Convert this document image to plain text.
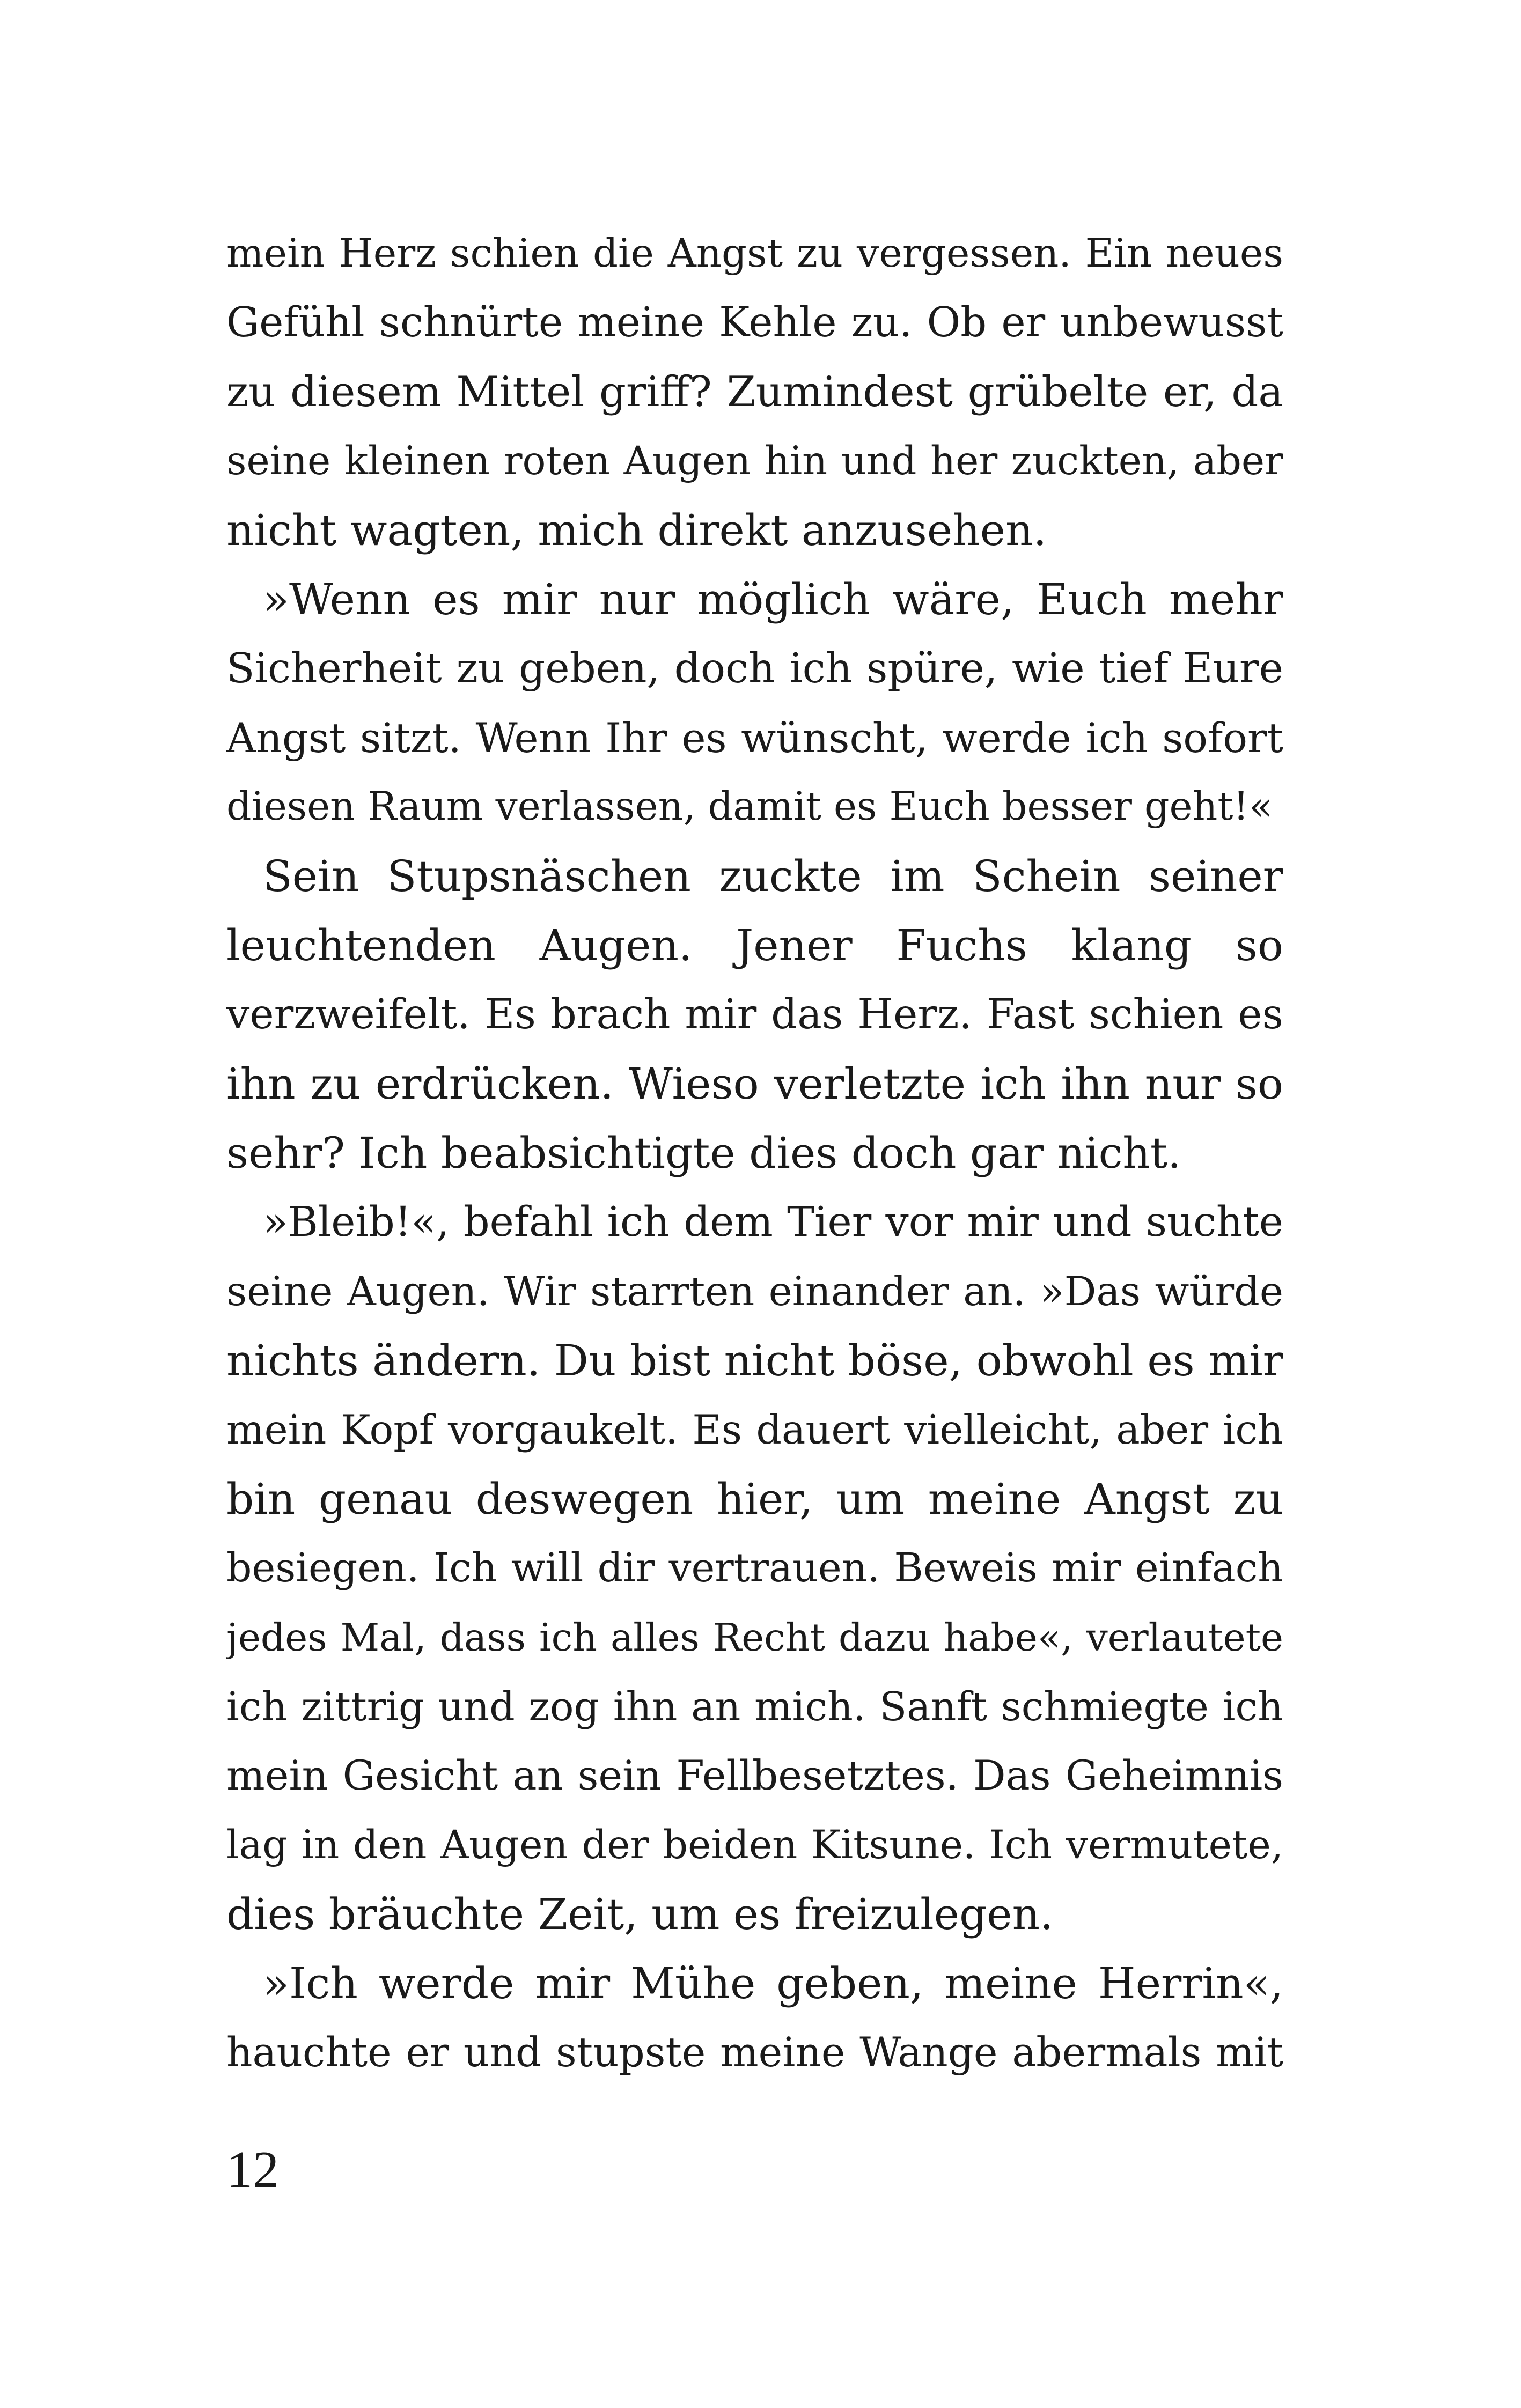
mein Herz schien die Angst zu vergessen. Ein neues
Gefühl schnürte meine Kehle zu. Ob er unbewusst
zu diesem Mittel griff? Zumindest grübelte er, da
seine kleinen roten Augen hin und her zuckten, aber
nicht wagten, mich direkt anzusehen.
»Wenn es mir nur möglich wäre, Euch mehr
Sicherheit zu geben, doch ich spüre, wie tief Eure
Angst sitzt. Wenn Ihr es wünscht, werde ich sofort
diesen Raum verlassen, damit es Euch besser geht!«
Sein Stupsnäschen zuckte im Schein seiner
leuchtenden Augen. Jener Fuchs klang so
verzweifelt. Es brach mir das Herz. Fast schien es
ihn zu erdrücken. Wieso verletzte ich ihn nur so
sehr? Ich beabsichtigte dies doch gar nicht.
»Bleib!«, befahl ich dem Tier vor mir und suchte
seine Augen. Wir starrten einander an. »Das würde
nichts ändern. Du bist nicht böse, obwohl es mir
mein Kopf vorgaukelt. Es dauert vielleicht, aber ich
bin genau deswegen hier, um meine Angst zu
besiegen. Ich will dir vertrauen. Beweis mir einfach
jedes Mal, dass ich alles Recht dazu habe«, verlautete
ich zittrig und zog ihn an mich. Sanft schmiegte ich
mein Gesicht an sein Fellbesetztes. Das Geheimnis
lag in den Augen der beiden Kitsune. Ich vermutete,
dies bräuchte Zeit, um es freizulegen.
»Ich werde mir Mühe geben, meine Herrin«,
hauchte er und stupste meine Wange abermals mit
12
